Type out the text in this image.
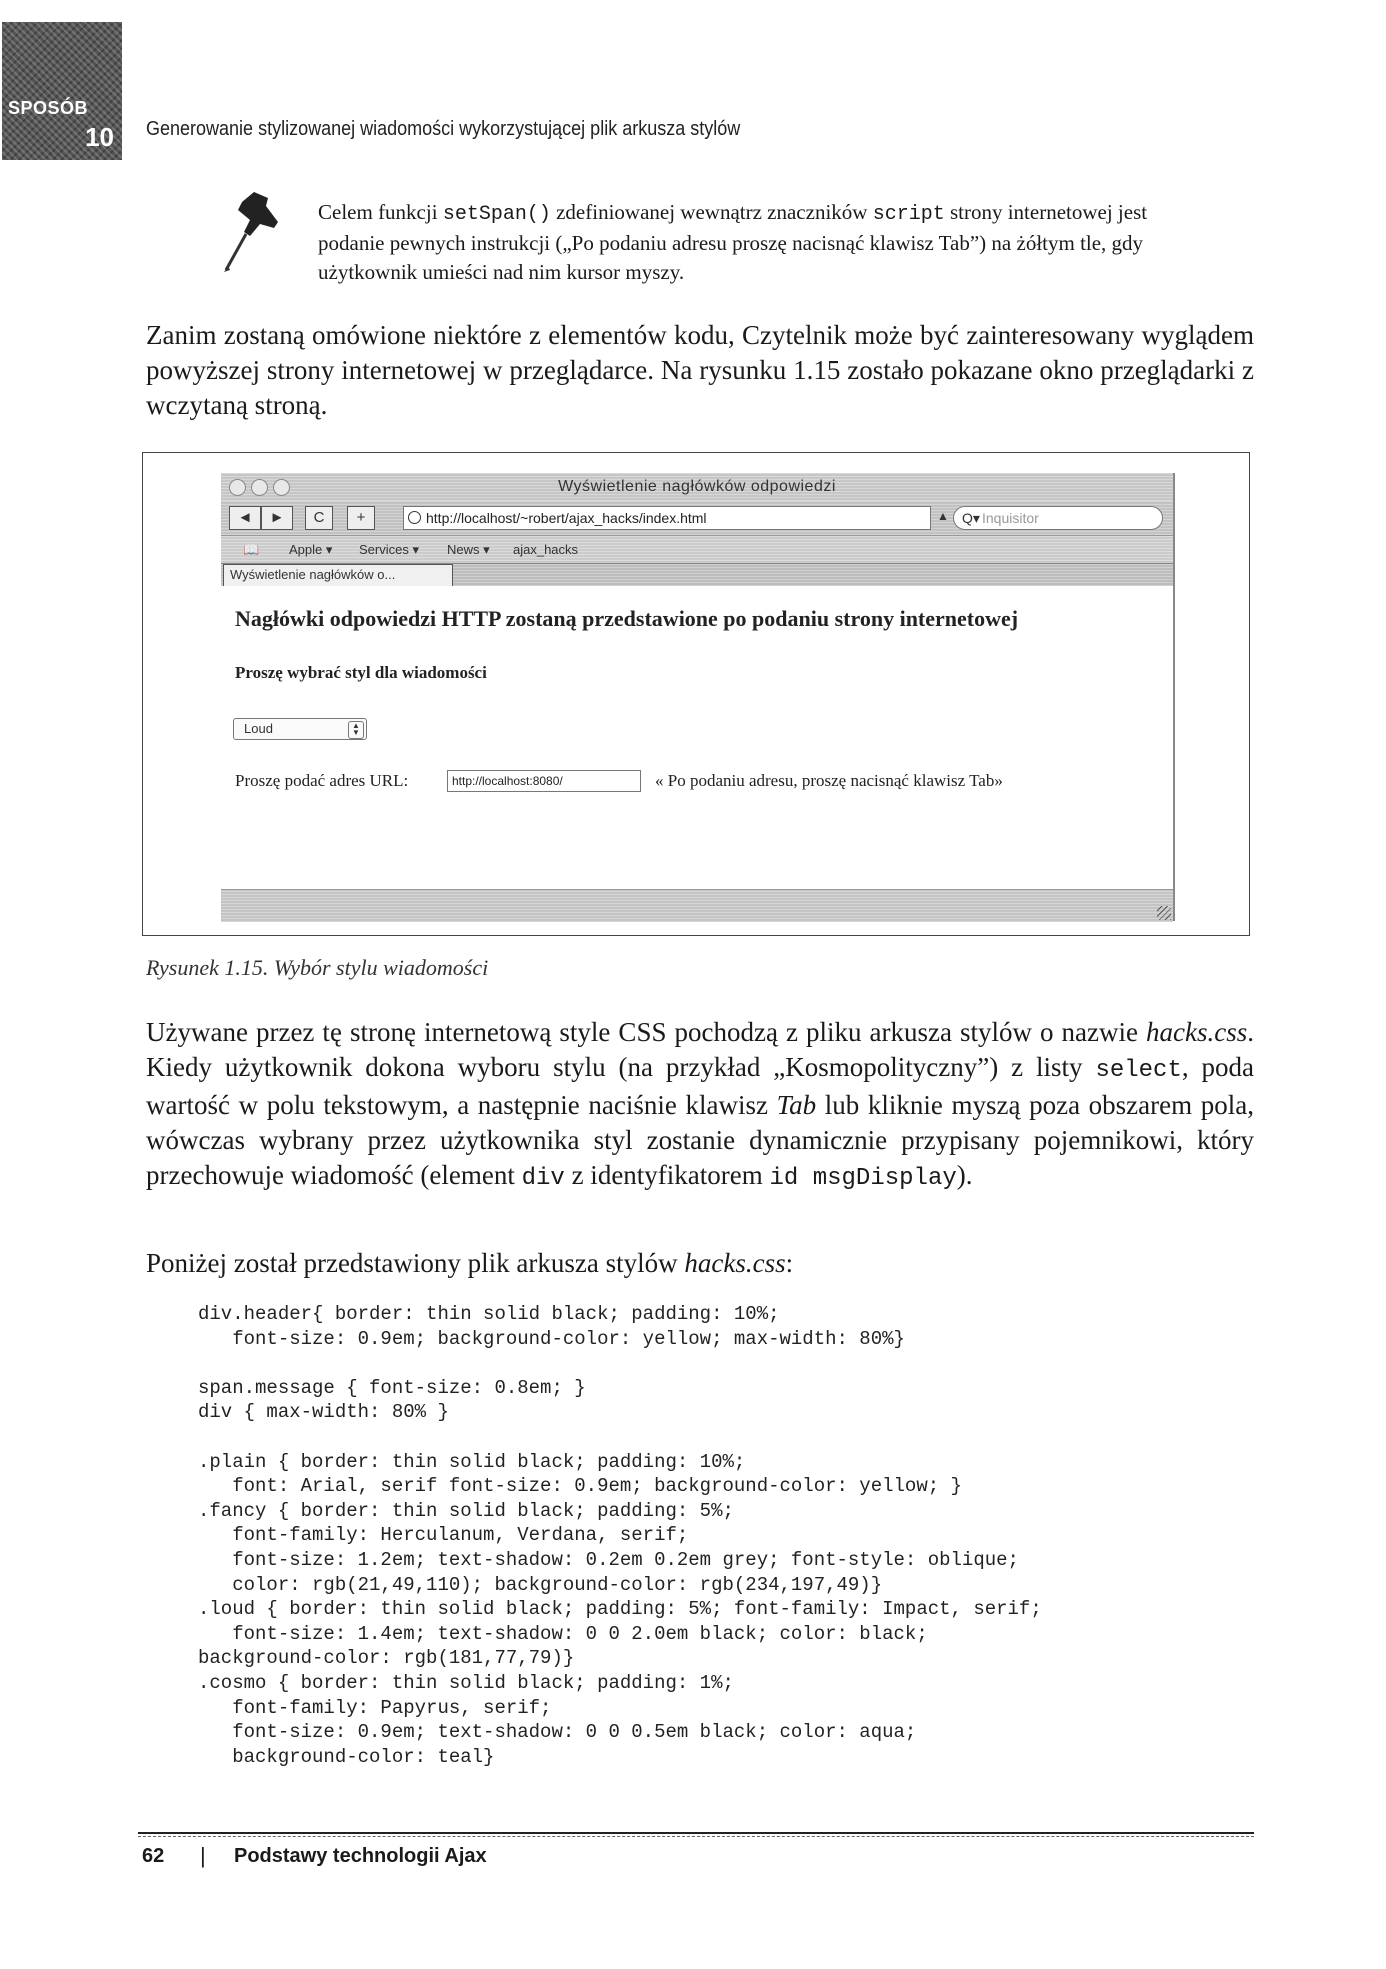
SPOSÓB
10 Generowanie stylizowanej wiadomości wykorzystującej plik arkusza stylów
Celem funkcji setSpan() zdefiniowanej wewnątrz znaczników script strony internetowej jest podanie pewnych instrukcji („Po podaniu adresu proszę nacisnąć klawisz Tab”) na żółtym tle, gdy użytkownik umieści nad nim kursor myszy.

Zanim zostaną omówione niektóre z elementów kodu, Czytelnik może być zainteresowany wyglądem powyższej strony internetowej w przeglądarce. Na rysunku 1.15 zostało pokazane okno przeglądarki z wczytaną stroną.

Wyświetlenie nagłówków odpowiedzi
◄	►	C	+	http://localhost/~robert/ajax_hacks/index.html	▲ Q▾ Inquisitor
📖 Apple ▾ Services ▾ News ▾ ajax_hacks
Wyświetlenie nagłówków o...
Nagłówki odpowiedzi HTTP zostaną przedstawione po podaniu strony internetowej
Proszę wybrać styl dla wiadomości
Loud	▲
▼
Proszę podać adres URL:	http://localhost:8080/	« Po podaniu adresu, proszę nacisnąć klawisz Tab»
Rysunek 1.15. Wybór stylu wiadomości

Używane przez tę stronę internetową style CSS pochodzą z pliku arkusza stylów o nazwie hacks.css. Kiedy użytkownik dokona wyboru stylu (na przykład „Kosmopolityczny”) z listy select, poda wartość w polu tekstowym, a następnie naciśnie klawisz Tab lub kliknie myszą poza obszarem pola, wówczas wybrany przez użytkownika styl zostanie dynamicznie przypisany pojemnikowi, który przechowuje wiadomość (element div z identyfikatorem id msgDisplay).

Poniżej został przedstawiony plik arkusza stylów hacks.css:

div.header{ border: thin solid black; padding: 10%;
font-size: 0.9em; background-color: yellow; max-width: 80%}

span.message { font-size: 0.8em; }
div { max-width: 80% }

.plain { border: thin solid black; padding: 10%;
font: Arial, serif font-size: 0.9em; background-color: yellow; }
.fancy { border: thin solid black; padding: 5%;
font-family: Herculanum, Verdana, serif;
font-size: 1.2em; text-shadow: 0.2em 0.2em grey; font-style: oblique;
color: rgb(21,49,110); background-color: rgb(234,197,49)}
.loud { border: thin solid black; padding: 5%; font-family: Impact, serif;
font-size: 1.4em; text-shadow: 0 0 2.0em black; color: black;
background-color: rgb(181,77,79)}
.cosmo { border: thin solid black; padding: 1%;
font-family: Papyrus, serif;
font-size: 0.9em; text-shadow: 0 0 0.5em black; color: aqua;
background-color: teal}
62 | Podstawy technologii Ajax
